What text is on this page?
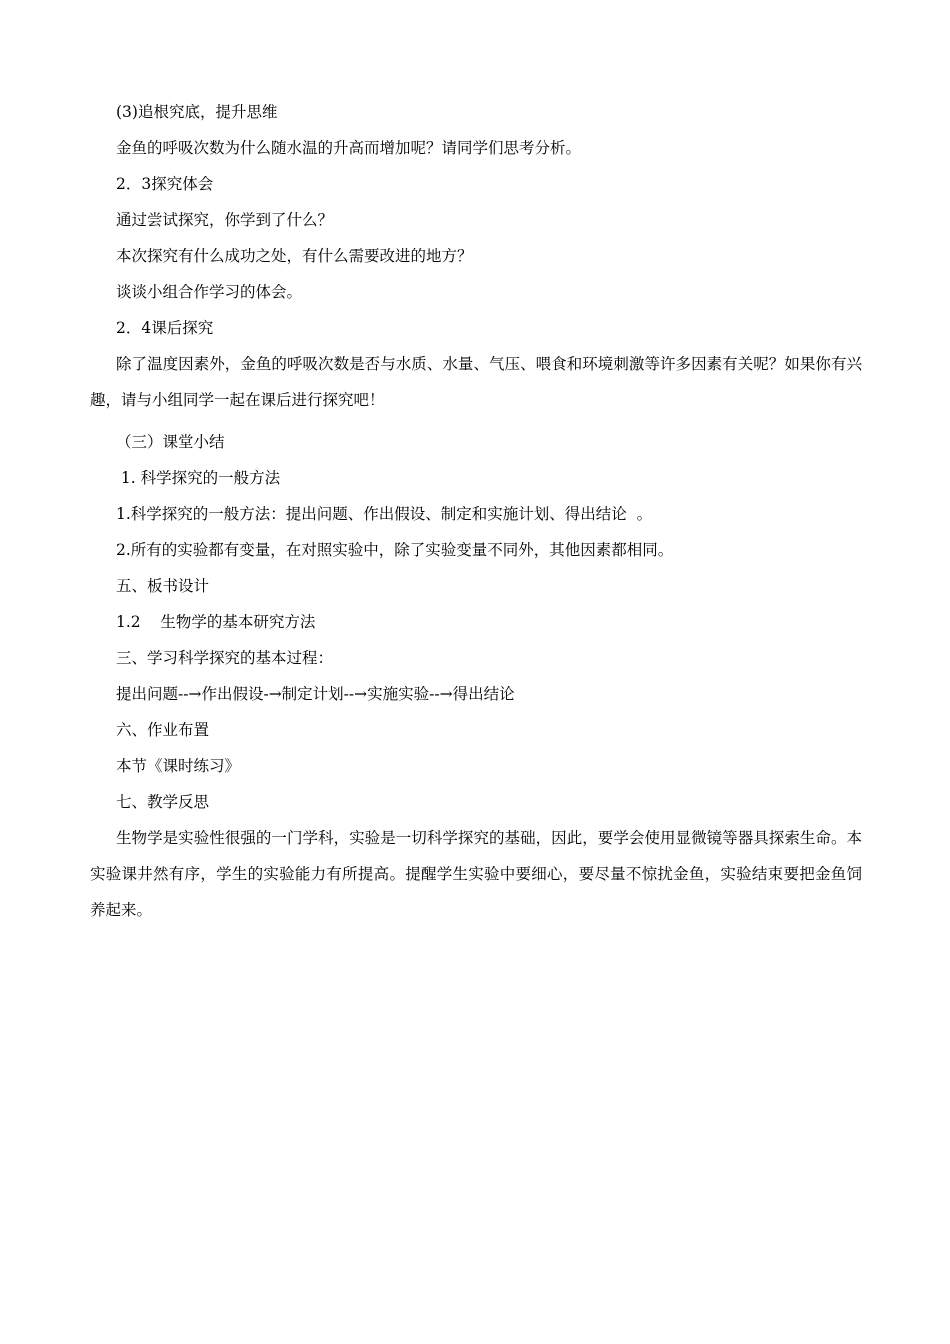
(3)追根究底，提升思维
金鱼的呼吸次数为什么随水温的升高而增加呢？请同学们思考分析。
2．3探究体会
通过尝试探究，你学到了什么？
本次探究有什么成功之处，有什么需要改进的地方？
谈谈小组合作学习的体会。
2．4课后探究
除了温度因素外，金鱼的呼吸次数是否与水质、水量、气压、喂食和环境刺激等许多因素有关呢？如果你有兴趣，请与小组同学一起在课后进行探究吧！
（三）课堂小结
1. 科学探究的一般方法
1.科学探究的一般方法：提出问题、作出假设、制定和实施计划、得出结论  。
2.所有的实验都有变量，在对照实验中，除了实验变量不同外，其他因素都相同。
五、板书设计
1.2    生物学的基本研究方法
三、学习科学探究的基本过程：
提出问题--→作出假设-→制定计划--→实施实验--→得出结论
六、作业布置
本节《课时练习》
七、教学反思
生物学是实验性很强的一门学科，实验是一切科学探究的基础，因此，要学会使用显微镜等器具探索生命。本实验课井然有序，学生的实验能力有所提高。提醒学生实验中要细心，要尽量不惊扰金鱼，实验结束要把金鱼饲养起来。
